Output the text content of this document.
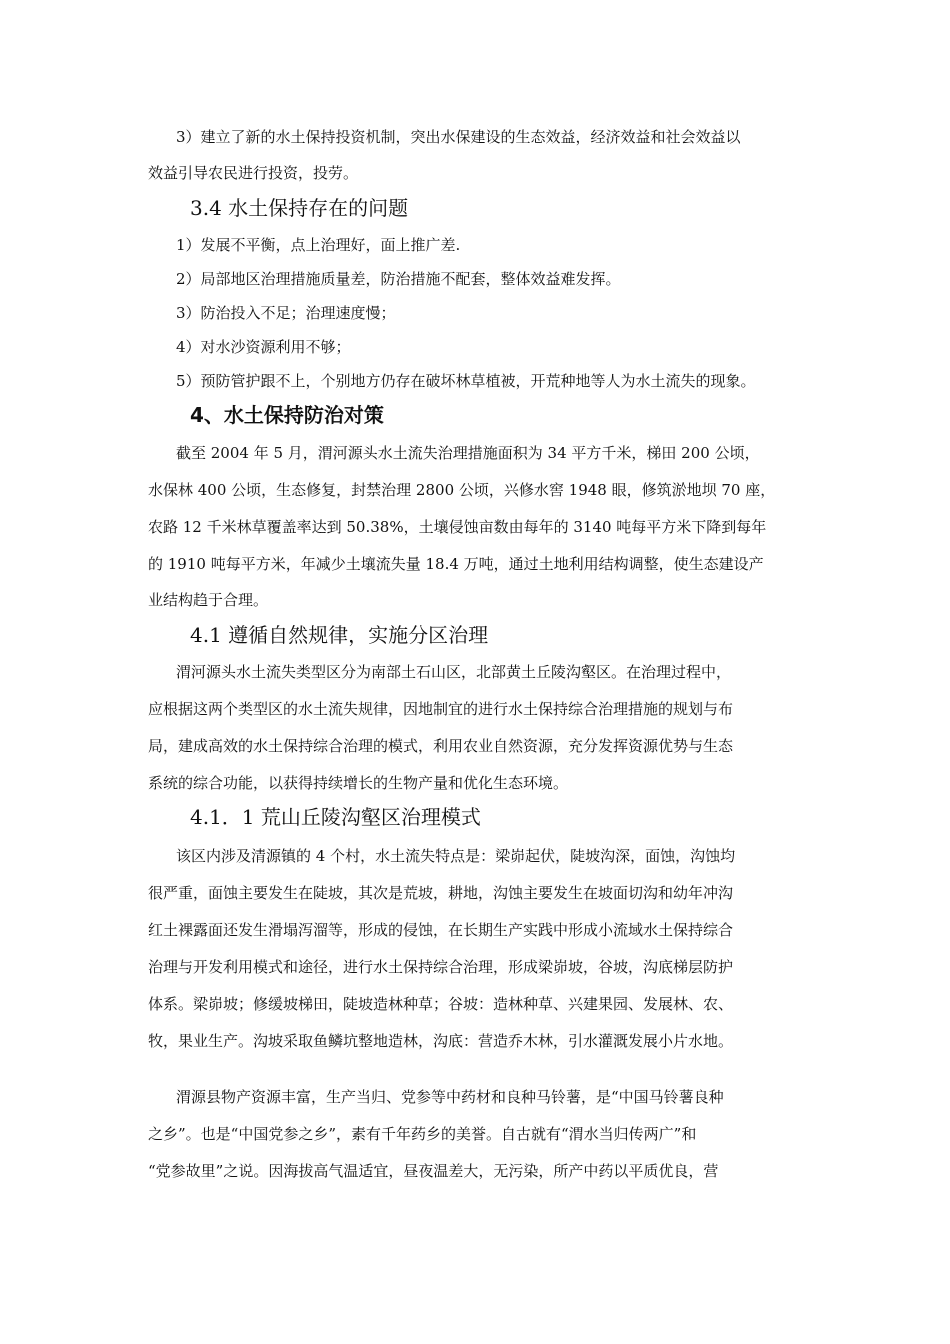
3）建立了新的水土保持投资机制，突出水保建设的生态效益，经济效益和社会效益以
效益引导农民进行投资，投劳。
3.4 水土保持存在的问题
1）发展不平衡，点上治理好，面上推广差.
2）局部地区治理措施质量差，防治措施不配套，整体效益难发挥。
3）防治投入不足；治理速度慢；
4）对水沙资源利用不够；
5）预防管护跟不上，个别地方仍存在破坏林草植被，开荒种地等人为水土流失的现象。
4、水土保持防治对策
截至 2004 年 5 月，渭河源头水土流失治理措施面积为 34 平方千米，梯田 200 公顷，
水保林 400 公顷，生态修复，封禁治理 2800 公顷，兴修水窖 1948 眼，修筑淤地坝 70 座，
农路 12 千米林草覆盖率达到 50.38%，土壤侵蚀亩数由每年的 3140 吨每平方米下降到每年
的 1910 吨每平方米，年减少土壤流失量 18.4 万吨，通过土地利用结构调整，使生态建设产
业结构趋于合理。
4.1 遵循自然规律，实施分区治理
渭河源头水土流失类型区分为南部土石山区，北部黄土丘陵沟壑区。在治理过程中，
应根据这两个类型区的水土流失规律，因地制宜的进行水土保持综合治理措施的规划与布
局，建成高效的水土保持综合治理的模式，利用农业自然资源，充分发挥资源优势与生态
系统的综合功能，以获得持续增长的生物产量和优化生态环境。
4.1．1 荒山丘陵沟壑区治理模式
该区内涉及清源镇的 4 个村，水土流失特点是：梁峁起伏，陡坡沟深，面蚀，沟蚀均
很严重，面蚀主要发生在陡坡，其次是荒坡，耕地，沟蚀主要发生在坡面切沟和幼年冲沟
红土裸露面还发生滑塌泻溜等，形成的侵蚀，在长期生产实践中形成小流域水土保持综合
治理与开发利用模式和途径，进行水土保持综合治理，形成梁峁坡，谷坡，沟底梯层防护
体系。梁峁坡；修缓坡梯田，陡坡造林种草；谷坡：造林种草、兴建果园、发展林、农、
牧，果业生产。沟坡采取鱼鳞坑整地造林，沟底：营造乔木林，引水灌溉发展小片水地。
渭源县物产资源丰富，生产当归、党参等中药材和良种马铃薯，是“中国马铃薯良种
之乡”。也是“中国党参之乡”，素有千年药乡的美誉。自古就有“渭水当归传两广”和
“党参故里”之说。因海拔高气温适宜，昼夜温差大，无污染，所产中药以平质优良，营
